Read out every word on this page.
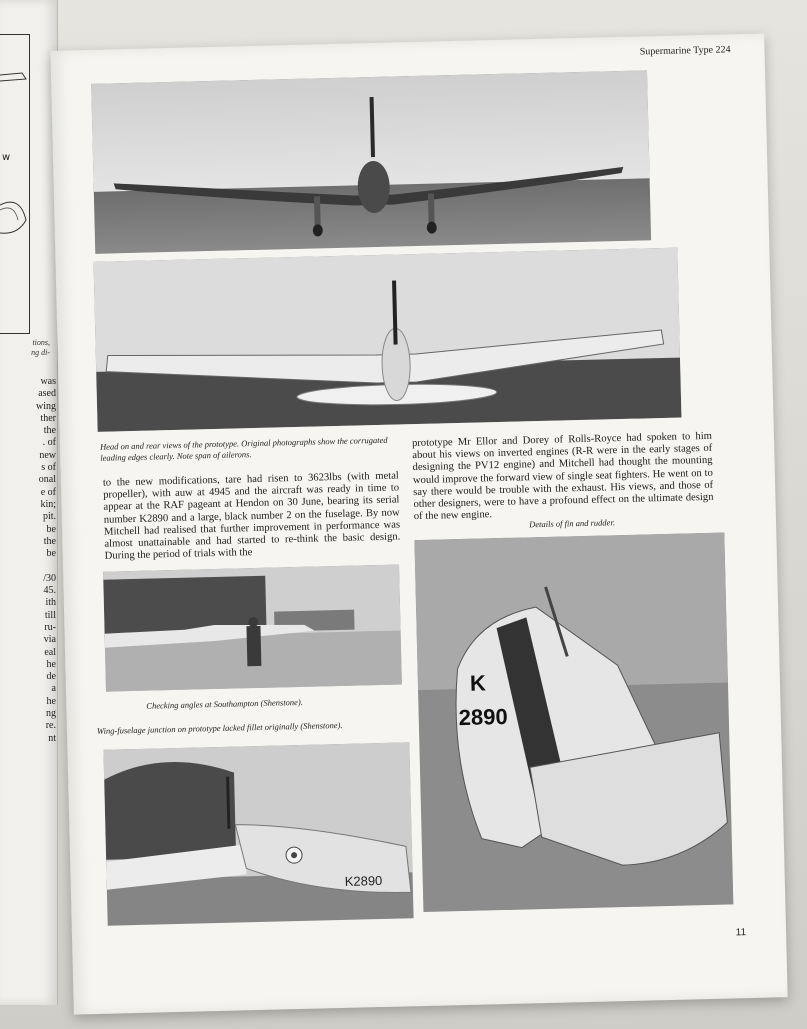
w
tions,
ng di-
was
ased
wing
ther
the
. of
new
s of
onal
e of
kin;
pit.
be
the
be

/30
45.
ith
till
ru-
via
eal
he
de
a
he
ng
re.
nt
Supermarine Type 224
Head on and rear views of the prototype. Original photographs show the corrugated leading edges clearly. Note span of ailerons.
to the new modifications, tare had risen to 3623lbs (with metal propeller), with auw at 4945 and the aircraft was ready in time to appear at the RAF pageant at Hendon on 30 June, bearing its serial number K2890 and a large, black number 2 on the fuselage. By now Mitchell had realised that further improvement in performance was almost unattainable and had started to re-think the basic design. During the period of trials with the
prototype Mr Ellor and Dorey of Rolls-Royce had spoken to him about his views on inverted engines (R-R were in the early stages of designing the PV12 engine) and Mitchell had thought the mounting would improve the forward view of single seat fighters. He went on to say there would be trouble with the exhaust. His views, and those of other designers, were to have a profound effect on the ultimate design of the new engine.
Details of fin and rudder.
Checking angles at Southampton (Shenstone).
Wing-fuselage junction on prototype lacked fillet originally (Shenstone).
K2890
K
2890
11
